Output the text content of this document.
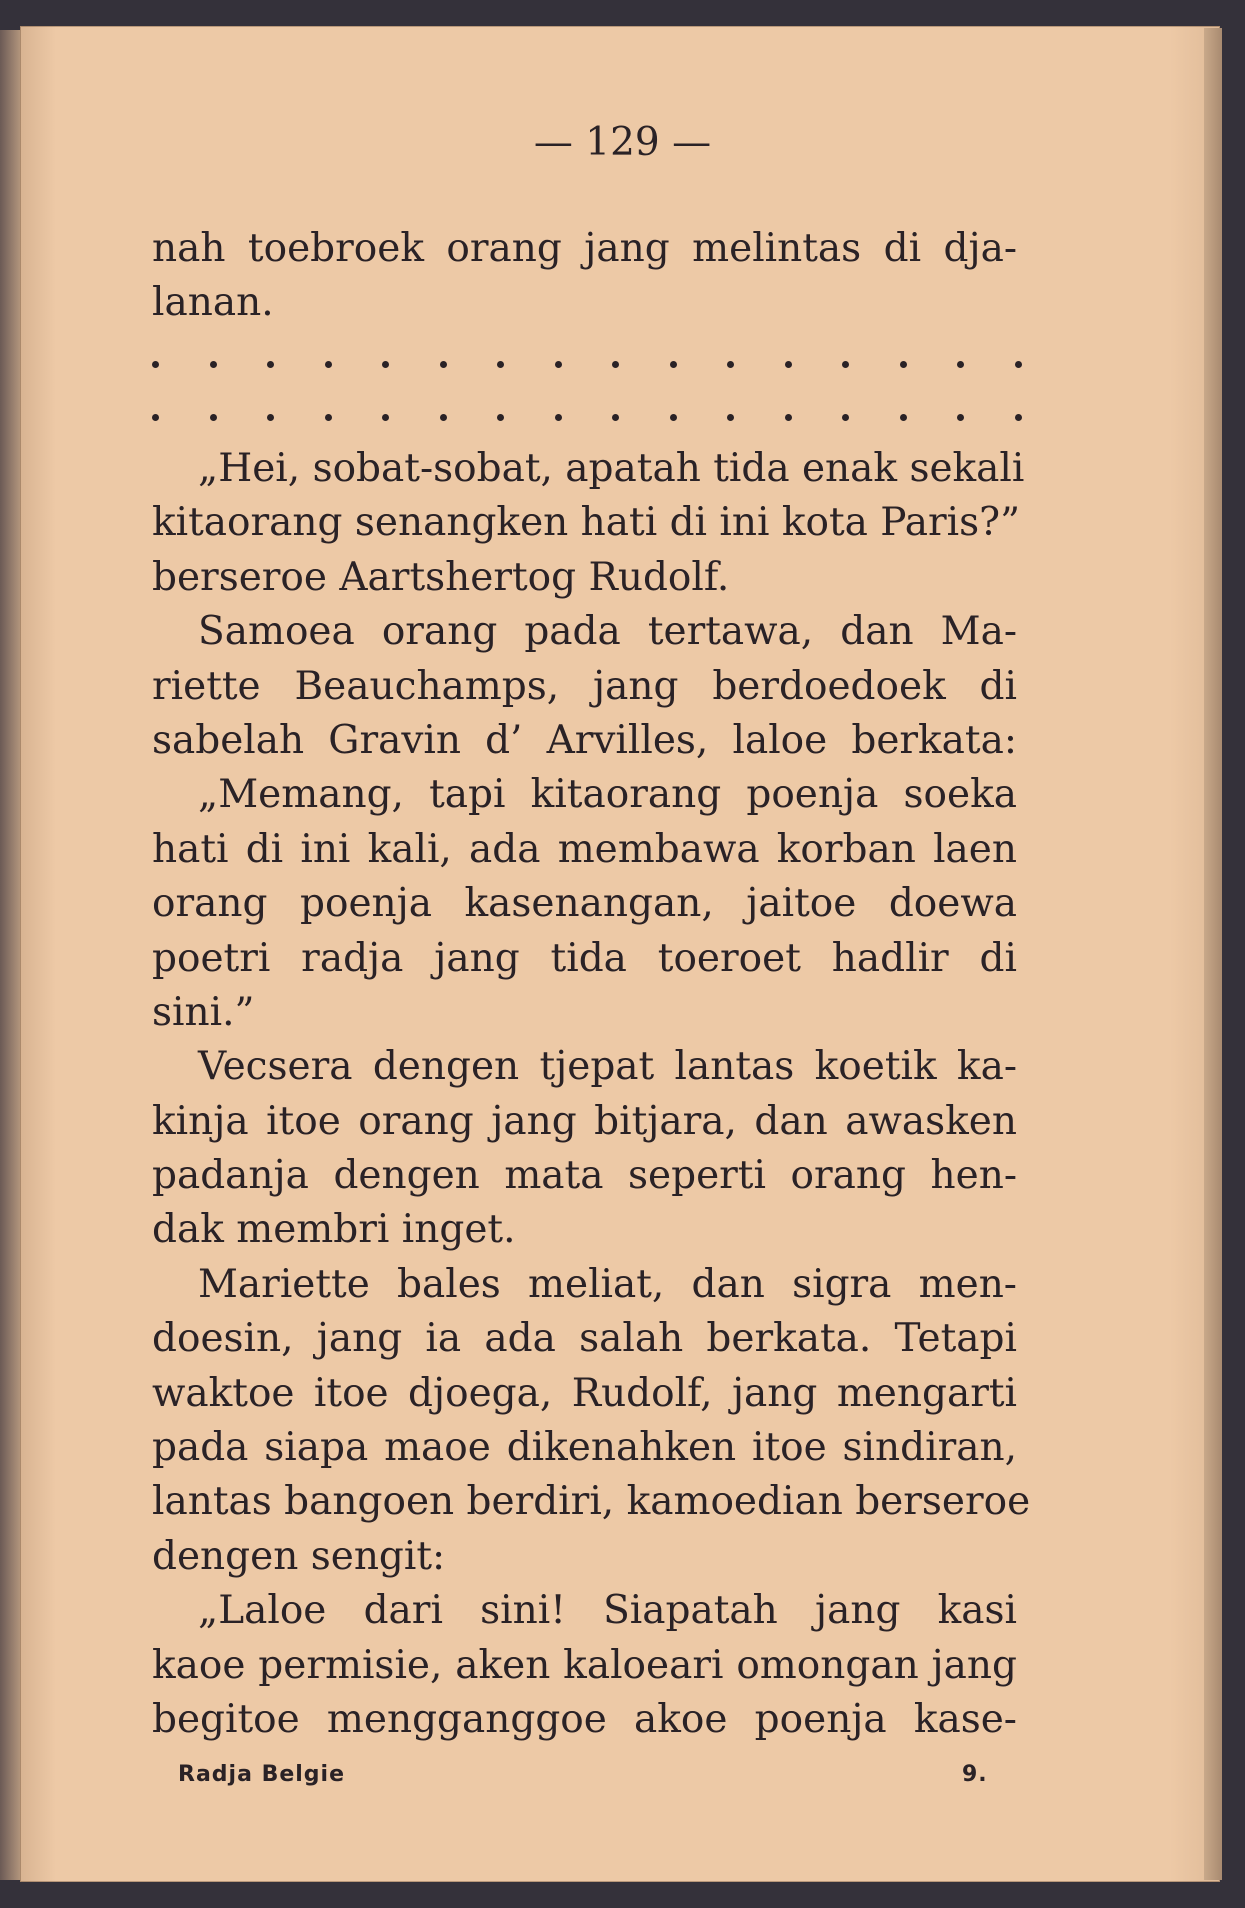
— 129 —
nah toebroek orang jang melintas di dja-
lanan.
„Hei, sobat-sobat, apatah tida enak sekali
kitaorang senangken hati di ini kota Paris?”
berseroe Aartshertog Rudolf.
Samoea orang pada tertawa, dan Ma-
riette Beauchamps, jang berdoedoek di
sabelah Gravin d’ Arvilles, laloe berkata:
„Memang, tapi kitaorang poenja soeka
hati di ini kali, ada membawa korban laen
orang poenja kasenangan, jaitoe doewa
poetri radja jang tida toeroet hadlir di
sini.”
Vecsera dengen tjepat lantas koetik ka-
kinja itoe orang jang bitjara, dan awasken
padanja dengen mata seperti orang hen-
dak membri inget.
Mariette bales meliat, dan sigra men-
doesin, jang ia ada salah berkata. Tetapi
waktoe itoe djoega, Rudolf, jang mengarti
pada siapa maoe dikenahken itoe sindiran,
lantas bangoen berdiri, kamoedian berseroe
dengen sengit:
„Laloe dari sini! Siapatah jang kasi
kaoe permisie, aken kaloeari omongan jang
begitoe mengganggoe akoe poenja kase-
Radja Belgie	9.
